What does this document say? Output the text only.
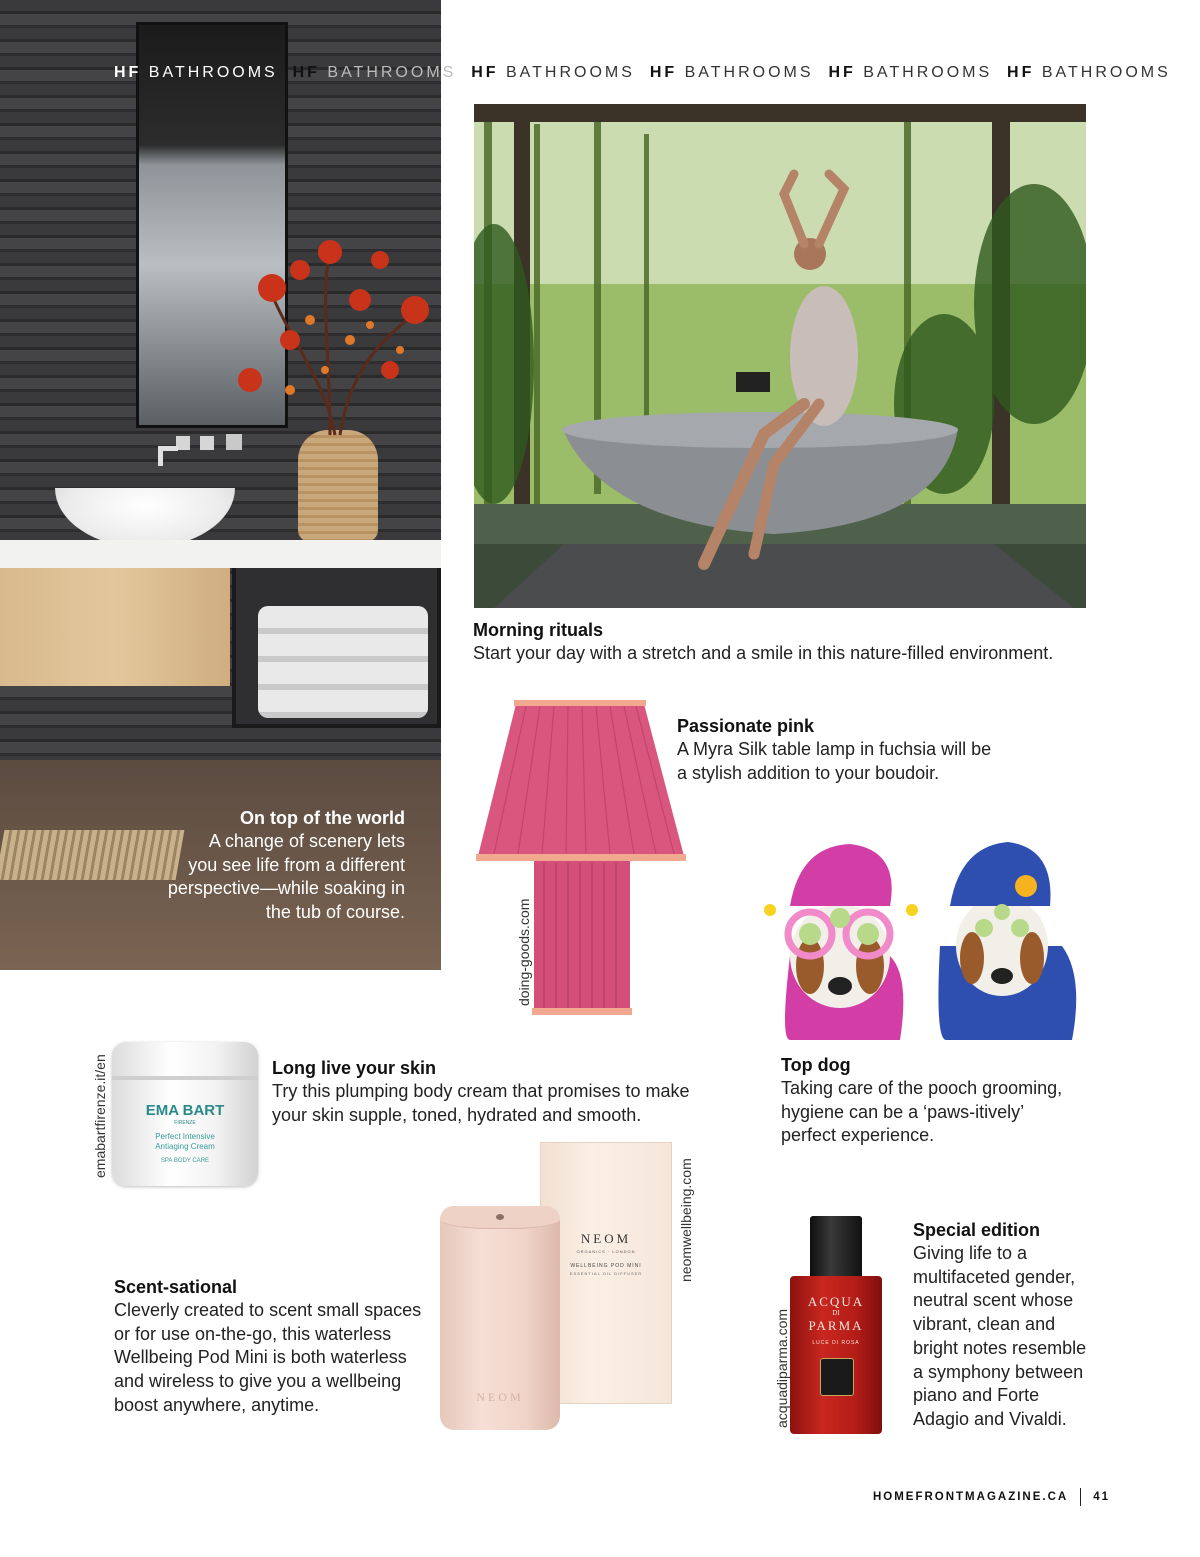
HF BATHROOMS HF BATHROOMS HF BATHROOMS HF BATHROOMS HF BATHROOMS HF BATHROOMS
On top of the world
A change of scenery lets
you see life from a different
perspective—while soaking in
the tub of course.
Morning rituals
Start your day with a stretch and a smile in this nature-filled environment.
doing-goods.com
Passionate pink
A Myra Silk table lamp in fuchsia will be
a stylish addition to your boudoir.
Top dog
Taking care of the pooch grooming,
hygiene can be a ‘paws-itively’
perfect experience.
emabartfirenze.it/en	EMA BART
FIRENZE
Perfect Intensive
Antiaging Cream
SPA BODY CARE
Long live your skin
Try this plumping body cream that promises to make
your skin supple, toned, hydrated and smooth.
NEOM
ORGANICS · LONDON
WELLBEING POD MINI
ESSENTIAL OIL DIFFUSER
NEOM
neomwellbeing.com
Scent-sational
Cleverly created to scent small spaces
or for use on-the-go, this waterless
Wellbeing Pod Mini is both waterless
and wireless to give you a wellbeing
boost anywhere, anytime.	acquadiparma.com
ACQUA
DI
PARMA
LUCE DI ROSA
Special edition
Giving life to a
multifaceted gender,
neutral scent whose
vibrant, clean and
bright notes resemble
a symphony between
piano and Forte
Adagio and Vivaldi.
HOMEFRONTMAGAZINE.CA 41
